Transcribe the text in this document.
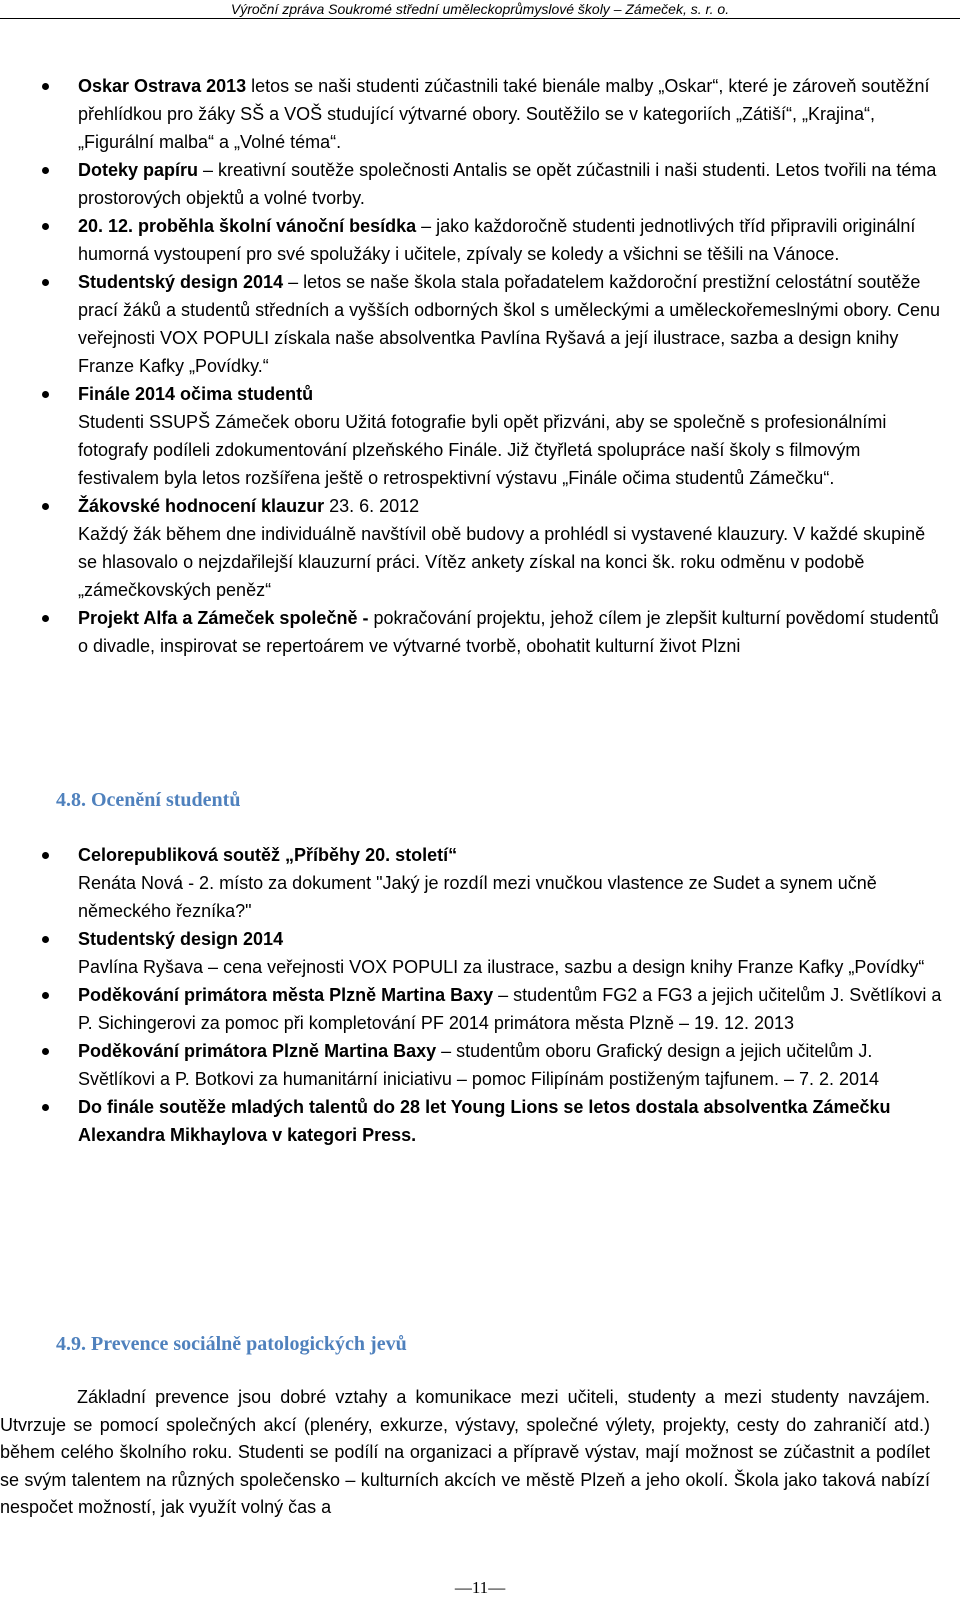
Výroční zpráva Soukromé střední uměleckoprůmyslové školy – Zámeček, s. r. o.
Oskar Ostrava 2013 letos se naši studenti zúčastnili také bienále malby „Oskar“, které je zároveň soutěžní přehlídkou pro žáky SŠ a VOŠ studující výtvarné obory. Soutěžilo se v kategoriích „Zátiší“, „Krajina“, „Figurální malba“ a „Volné téma“.
Doteky papíru – kreativní soutěže společnosti Antalis se opět zúčastnili i naši studenti. Letos tvořili na téma prostorových objektů a volné tvorby.
20. 12. proběhla školní vánoční besídka – jako každoročně studenti jednotlivých tříd připravili originální humorná vystoupení pro své spolužáky i učitele, zpívaly se koledy a všichni se těšili na Vánoce.
Studentský design 2014 – letos se naše škola stala pořadatelem každoroční prestižní celostátní soutěže prací žáků a studentů středních a vyšších odborných škol s uměleckými a uměleckořemeslnými obory. Cenu veřejnosti VOX POPULI získala naše absolventka Pavlína Ryšavá a její ilustrace, sazba a design knihy Franze Kafky „Povídky.“
Finále 2014 očima studentů
Studenti SSUPŠ Zámeček oboru Užitá fotografie byli opět přizváni, aby se společně s profesionálními fotografy podíleli zdokumentování plzeňského Finále. Již čtyřletá spolupráce naší školy s filmovým festivalem byla letos rozšířena ještě o retrospektivní výstavu „Finále očima studentů Zámečku“.
Žákovské hodnocení klauzur 23. 6. 2012
Každý žák během dne individuálně navštívil obě budovy a prohlédl si vystavené klauzury. V každé skupině se hlasovalo o nejzdařilejší klauzurní práci. Vítěz ankety získal na konci šk. roku odměnu v podobě „zámečkovských peněz“
Projekt Alfa a Zámeček společně - pokračování projektu, jehož cílem je zlepšit kulturní povědomí studentů o divadle, inspirovat se repertoárem ve výtvarné tvorbě, obohatit kulturní život Plzni
4.8. Ocenění studentů
Celorepubliková soutěž „Příběhy 20. století“
Renáta Nová - 2. místo za dokument "Jaký je rozdíl mezi vnučkou vlastence ze Sudet a synem učně německého řezníka?"
Studentský design 2014
Pavlína Ryšava – cena veřejnosti VOX POPULI za ilustrace, sazbu a design knihy Franze Kafky „Povídky“
Poděkování primátora města Plzně Martina Baxy – studentům FG2 a FG3 a jejich učitelům J. Světlíkovi a P. Sichingerovi za pomoc při kompletování PF 2014 primátora města Plzně – 19. 12. 2013
Poděkování primátora Plzně Martina Baxy – studentům oboru Grafický design a jejich učitelům J. Světlíkovi a P. Botkovi za humanitární iniciativu – pomoc Filipínám postiženým tajfunem. – 7. 2. 2014
Do finále soutěže mladých talentů do 28 let Young Lions se letos dostala absolventka Zámečku Alexandra Mikhaylova v kategori Press.
4.9. Prevence sociálně patologických jevů

Základní prevence jsou dobré vztahy a komunikace mezi učiteli, studenty a mezi studenty navzájem. Utvrzuje se pomocí společných akcí (plenéry, exkurze, výstavy, společné výlety, projekty, cesty do zahraničí atd.) během celého školního roku. Studenti se podílí na organizaci a přípravě výstav, mají možnost se zúčastnit a podílet se svým talentem na různých společensko – kulturních akcích ve městě Plzeň a jeho okolí. Škola jako taková nabízí nespočet možností, jak využít volný čas a

—11—
